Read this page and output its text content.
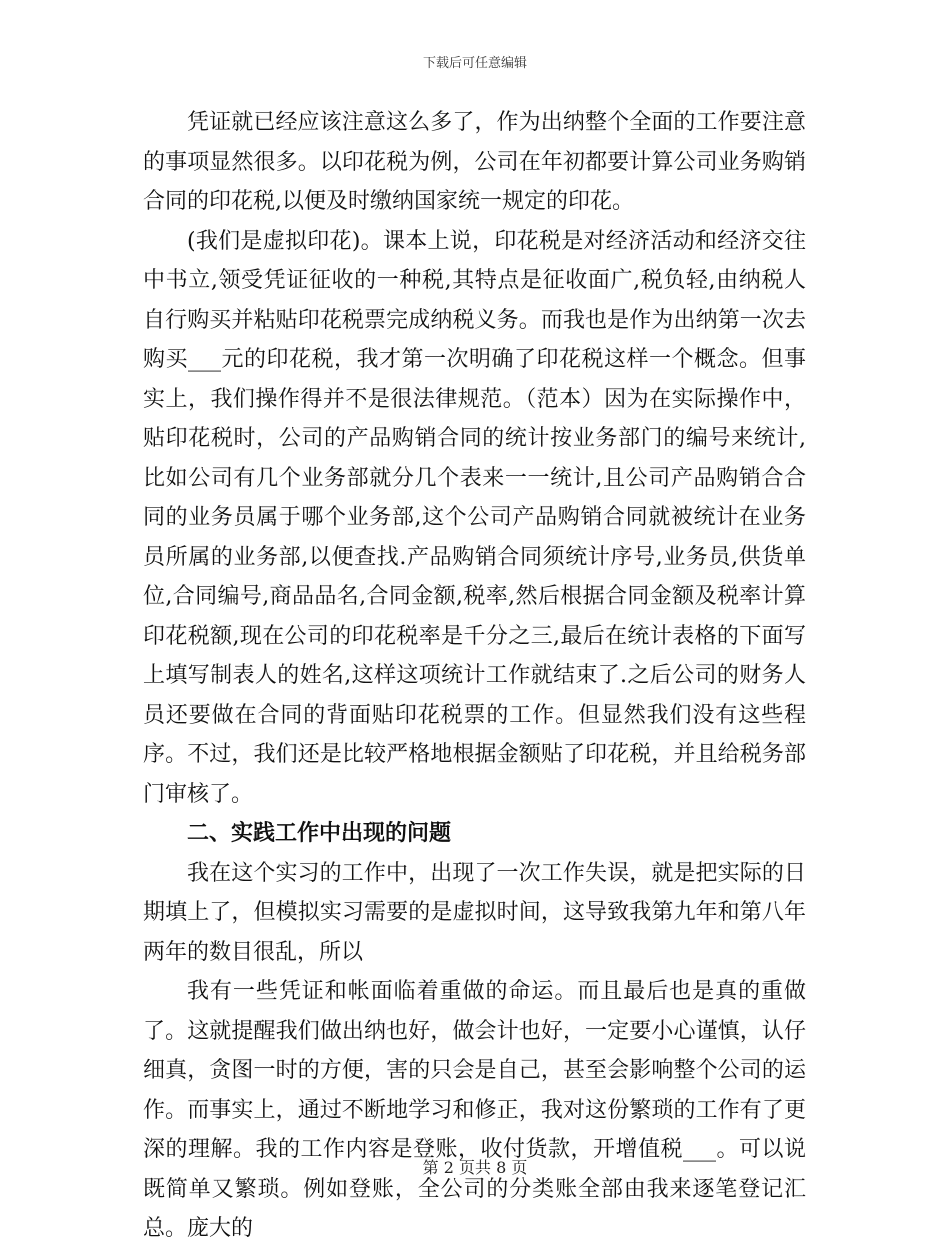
下载后可任意编辑

凭证就已经应该注意这么多了，作为出纳整个全面的工作要注意的事项显然很多。以印花税为例，公司在年初都要计算公司业务购销合同的印花税,以便及时缴纳国家统一规定的印花。

(我们是虚拟印花)。课本上说，印花税是对经济活动和经济交往中书立,领受凭证征收的一种税,其特点是征收面广,税负轻,由纳税人自行购买并粘贴印花税票完成纳税义务。而我也是作为出纳第一次去购买___元的印花税，我才第一次明确了印花税这样一个概念。但事实上，我们操作得并不是很法律规范。（范本）因为在实际操作中，贴印花税时，公司的产品购销合同的统计按业务部门的编号来统计,比如公司有几个业务部就分几个表来一一统计,且公司产品购销合合同的业务员属于哪个业务部,这个公司产品购销合同就被统计在业务员所属的业务部,以便查找.产品购销合同须统计序号,业务员,供货单位,合同编号,商品品名,合同金额,税率,然后根据合同金额及税率计算印花税额,现在公司的印花税率是千分之三,最后在统计表格的下面写上填写制表人的姓名,这样这项统计工作就结束了.之后公司的财务人员还要做在合同的背面贴印花税票的工作。但显然我们没有这些程序。不过，我们还是比较严格地根据金额贴了印花税，并且给税务部门审核了。

二、实践工作中出现的问题

我在这个实习的工作中，出现了一次工作失误，就是把实际的日期填上了，但模拟实习需要的是虚拟时间，这导致我第九年和第八年两年的数目很乱，所以

我有一些凭证和帐面临着重做的命运。而且最后也是真的重做了。这就提醒我们做出纳也好，做会计也好，一定要小心谨慎，认仔细真，贪图一时的方便，害的只会是自己，甚至会影响整个公司的运作。而事实上，通过不断地学习和修正，我对这份繁琐的工作有了更深的理解。我的工作内容是登账，收付货款，开增值税___。可以说既简单又繁琐。例如登账，全公司的分类账全部由我来逐笔登记汇总。庞大的

第 2 页共 8 页
